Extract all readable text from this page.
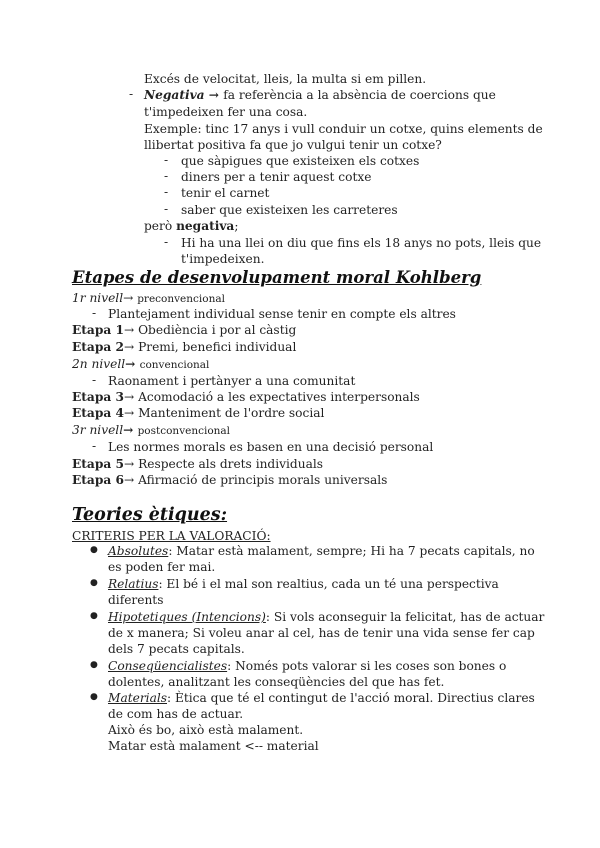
Excés de velocitat, lleis, la multa si em pillen.
- Negativa → fa referència a la absència de coercions que
t'impedeixen fer una cosa.
Exemple: tinc 17 anys i vull conduir un cotxe, quins elements de
llibertat positiva fa que jo vulgui tenir un cotxe?
- que sàpigues que existeixen els cotxes
- diners per a tenir aquest cotxe
- tenir el carnet
- saber que existeixen les carreteres
però negativa;
- Hi ha una llei on diu que fins els 18 anys no pots, lleis que
t'impedeixen.
Etapes de desenvolupament moral Kohlberg
1r nivell→ preconvencional
- Plantejament individual sense tenir en compte els altres
Etapa 1→ Obediència i por al càstig
Etapa 2→ Premi, benefici individual
2n nivell→ convencional
- Raonament i pertànyer a una comunitat
Etapa 3→ Acomodació a les expectatives interpersonals
Etapa 4→ Manteniment de l'ordre social
3r nivell→ postconvencional
- Les normes morals es basen en una decisió personal
Etapa 5→ Respecte als drets individuals
Etapa 6→ Afirmació de principis morals universals
Teories ètiques:
CRITERIS PER LA VALORACIÓ:
● Absolutes: Matar està malament, sempre; Hi ha 7 pecats capitals, no
es poden fer mai.
● Relatius: El bé i el mal son realtius, cada un té una perspectiva
diferents
● Hipotetiques (Intencions): Si vols aconseguir la felicitat, has de actuar
de x manera; Si voleu anar al cel, has de tenir una vida sense fer cap
dels 7 pecats capitals.
● Conseqüencialistes: Només pots valorar si les coses son bones o
dolentes, analitzant les conseqüències del que has fet.
● Materials: Ètica que té el contingut de l'acció moral. Directius clares
de com has de actuar.
Això és bo, això està malament.
Matar està malament <-- material
